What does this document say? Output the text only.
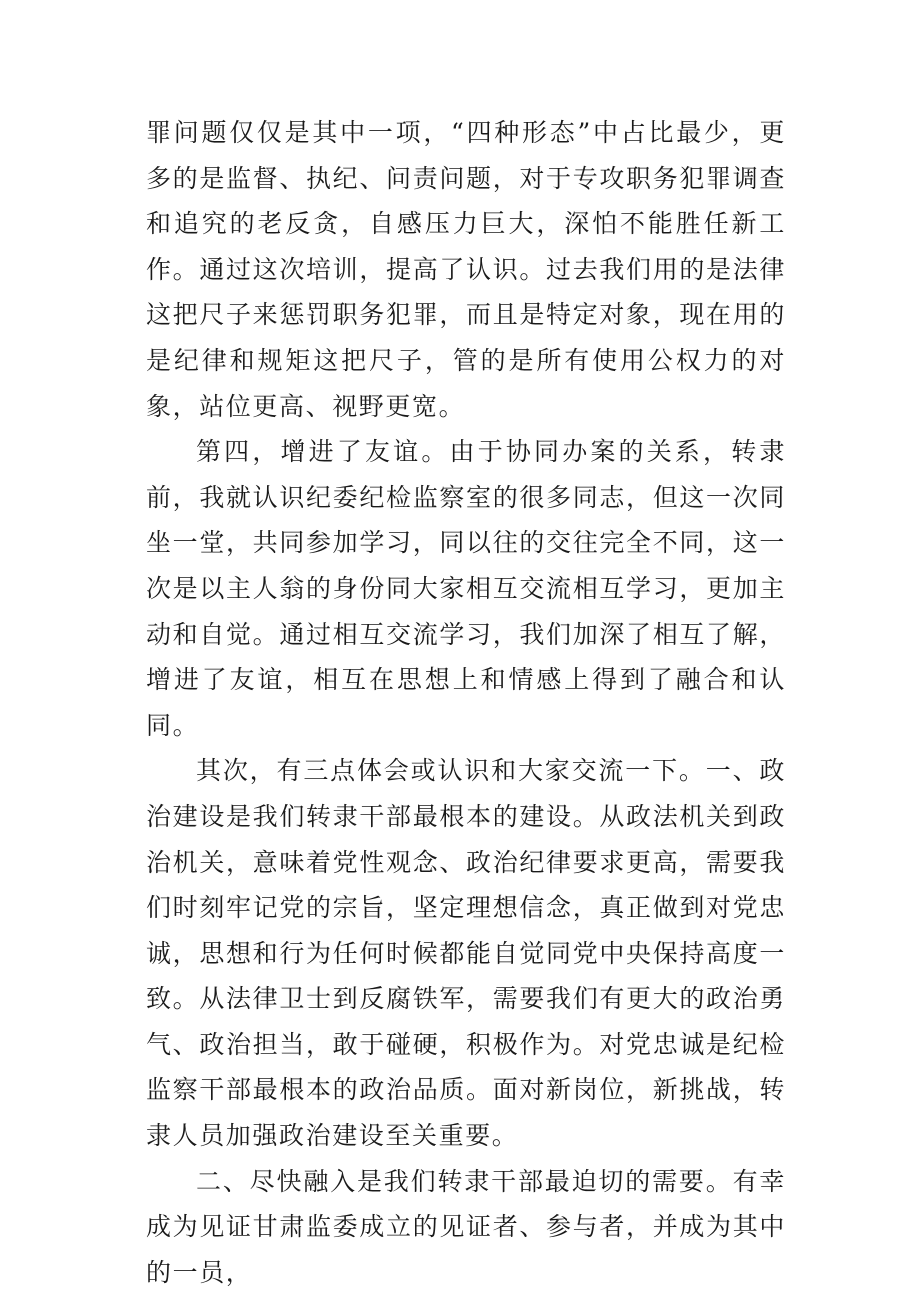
罪问题仅仅是其中一项，“四种形态”中占比最少，更多的是监督、执纪、问责问题，对于专攻职务犯罪调查和追究的老反贪，自感压力巨大，深怕不能胜任新工作。通过这次培训，提高了认识。过去我们用的是法律这把尺子来惩罚职务犯罪，而且是特定对象，现在用的是纪律和规矩这把尺子，管的是所有使用公权力的对象，站位更高、视野更宽。

第四，增进了友谊。由于协同办案的关系，转隶前，我就认识纪委纪检监察室的很多同志，但这一次同坐一堂，共同参加学习，同以往的交往完全不同，这一次是以主人翁的身份同大家相互交流相互学习，更加主动和自觉。通过相互交流学习，我们加深了相互了解，增进了友谊，相互在思想上和情感上得到了融合和认同。

其次，有三点体会或认识和大家交流一下。一、政治建设是我们转隶干部最根本的建设。从政法机关到政治机关，意味着党性观念、政治纪律要求更高，需要我们时刻牢记党的宗旨，坚定理想信念，真正做到对党忠诚，思想和行为任何时候都能自觉同党中央保持高度一致。从法律卫士到反腐铁军，需要我们有更大的政治勇气、政治担当，敢于碰硬，积极作为。对党忠诚是纪检监察干部最根本的政治品质。面对新岗位，新挑战，转隶人员加强政治建设至关重要。

二、尽快融入是我们转隶干部最迫切的需要。有幸成为见证甘肃监委成立的见证者、参与者，并成为其中的一员，
